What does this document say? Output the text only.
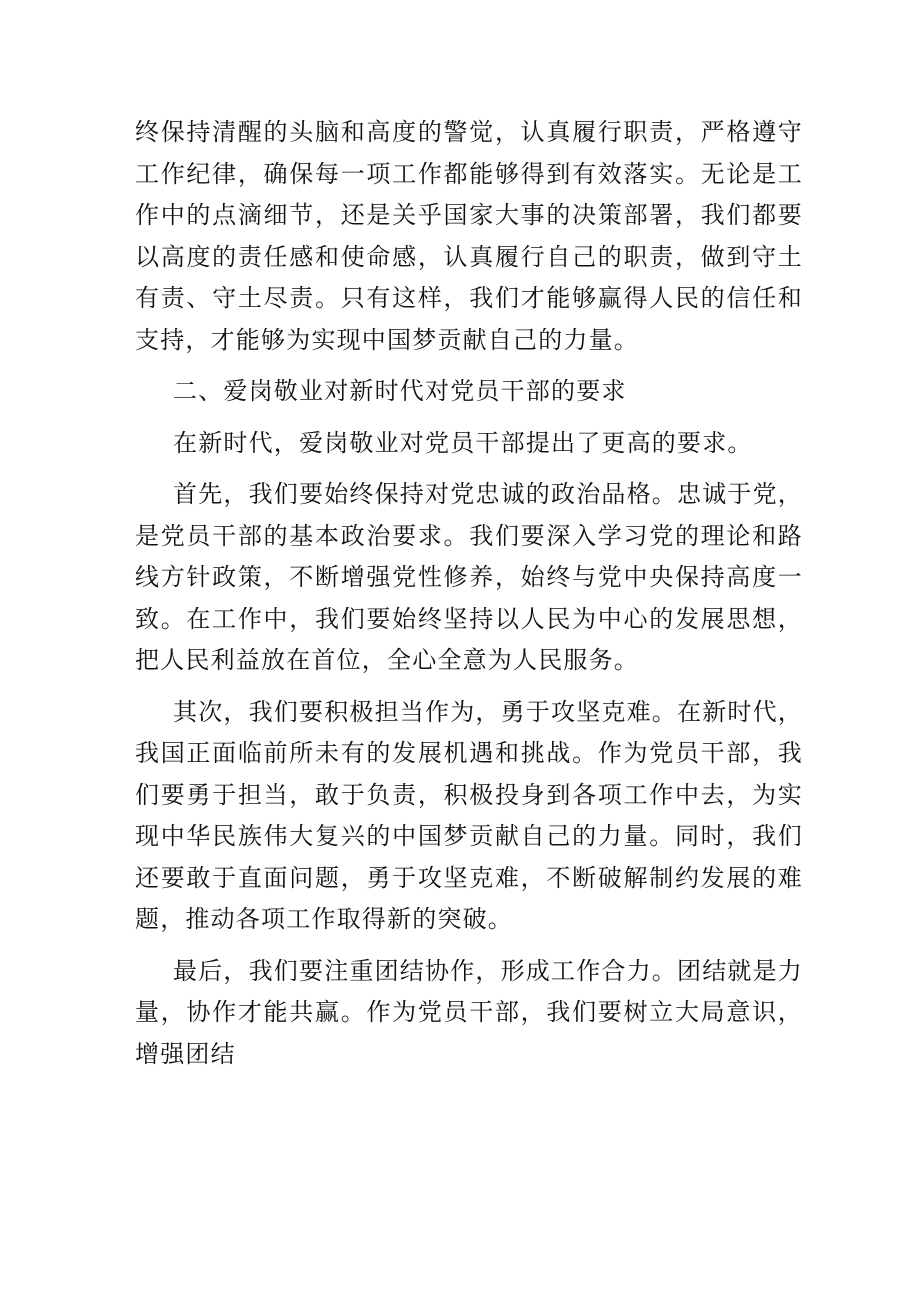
终保持清醒的头脑和高度的警觉，认真履行职责，严格遵守工作纪律，确保每一项工作都能够得到有效落实。无论是工作中的点滴细节，还是关乎国家大事的决策部署，我们都要以高度的责任感和使命感，认真履行自己的职责，做到守土有责、守土尽责。只有这样，我们才能够赢得人民的信任和支持，才能够为实现中国梦贡献自己的力量。

二、爱岗敬业对新时代对党员干部的要求

在新时代，爱岗敬业对党员干部提出了更高的要求。

首先，我们要始终保持对党忠诚的政治品格。忠诚于党，是党员干部的基本政治要求。我们要深入学习党的理论和路线方针政策，不断增强党性修养，始终与党中央保持高度一致。在工作中，我们要始终坚持以人民为中心的发展思想，把人民利益放在首位，全心全意为人民服务。

其次，我们要积极担当作为，勇于攻坚克难。在新时代，我国正面临前所未有的发展机遇和挑战。作为党员干部，我们要勇于担当，敢于负责，积极投身到各项工作中去，为实现中华民族伟大复兴的中国梦贡献自己的力量。同时，我们还要敢于直面问题，勇于攻坚克难，不断破解制约发展的难题，推动各项工作取得新的突破。

最后，我们要注重团结协作，形成工作合力。团结就是力量，协作才能共赢。作为党员干部，我们要树立大局意识，增强团结
